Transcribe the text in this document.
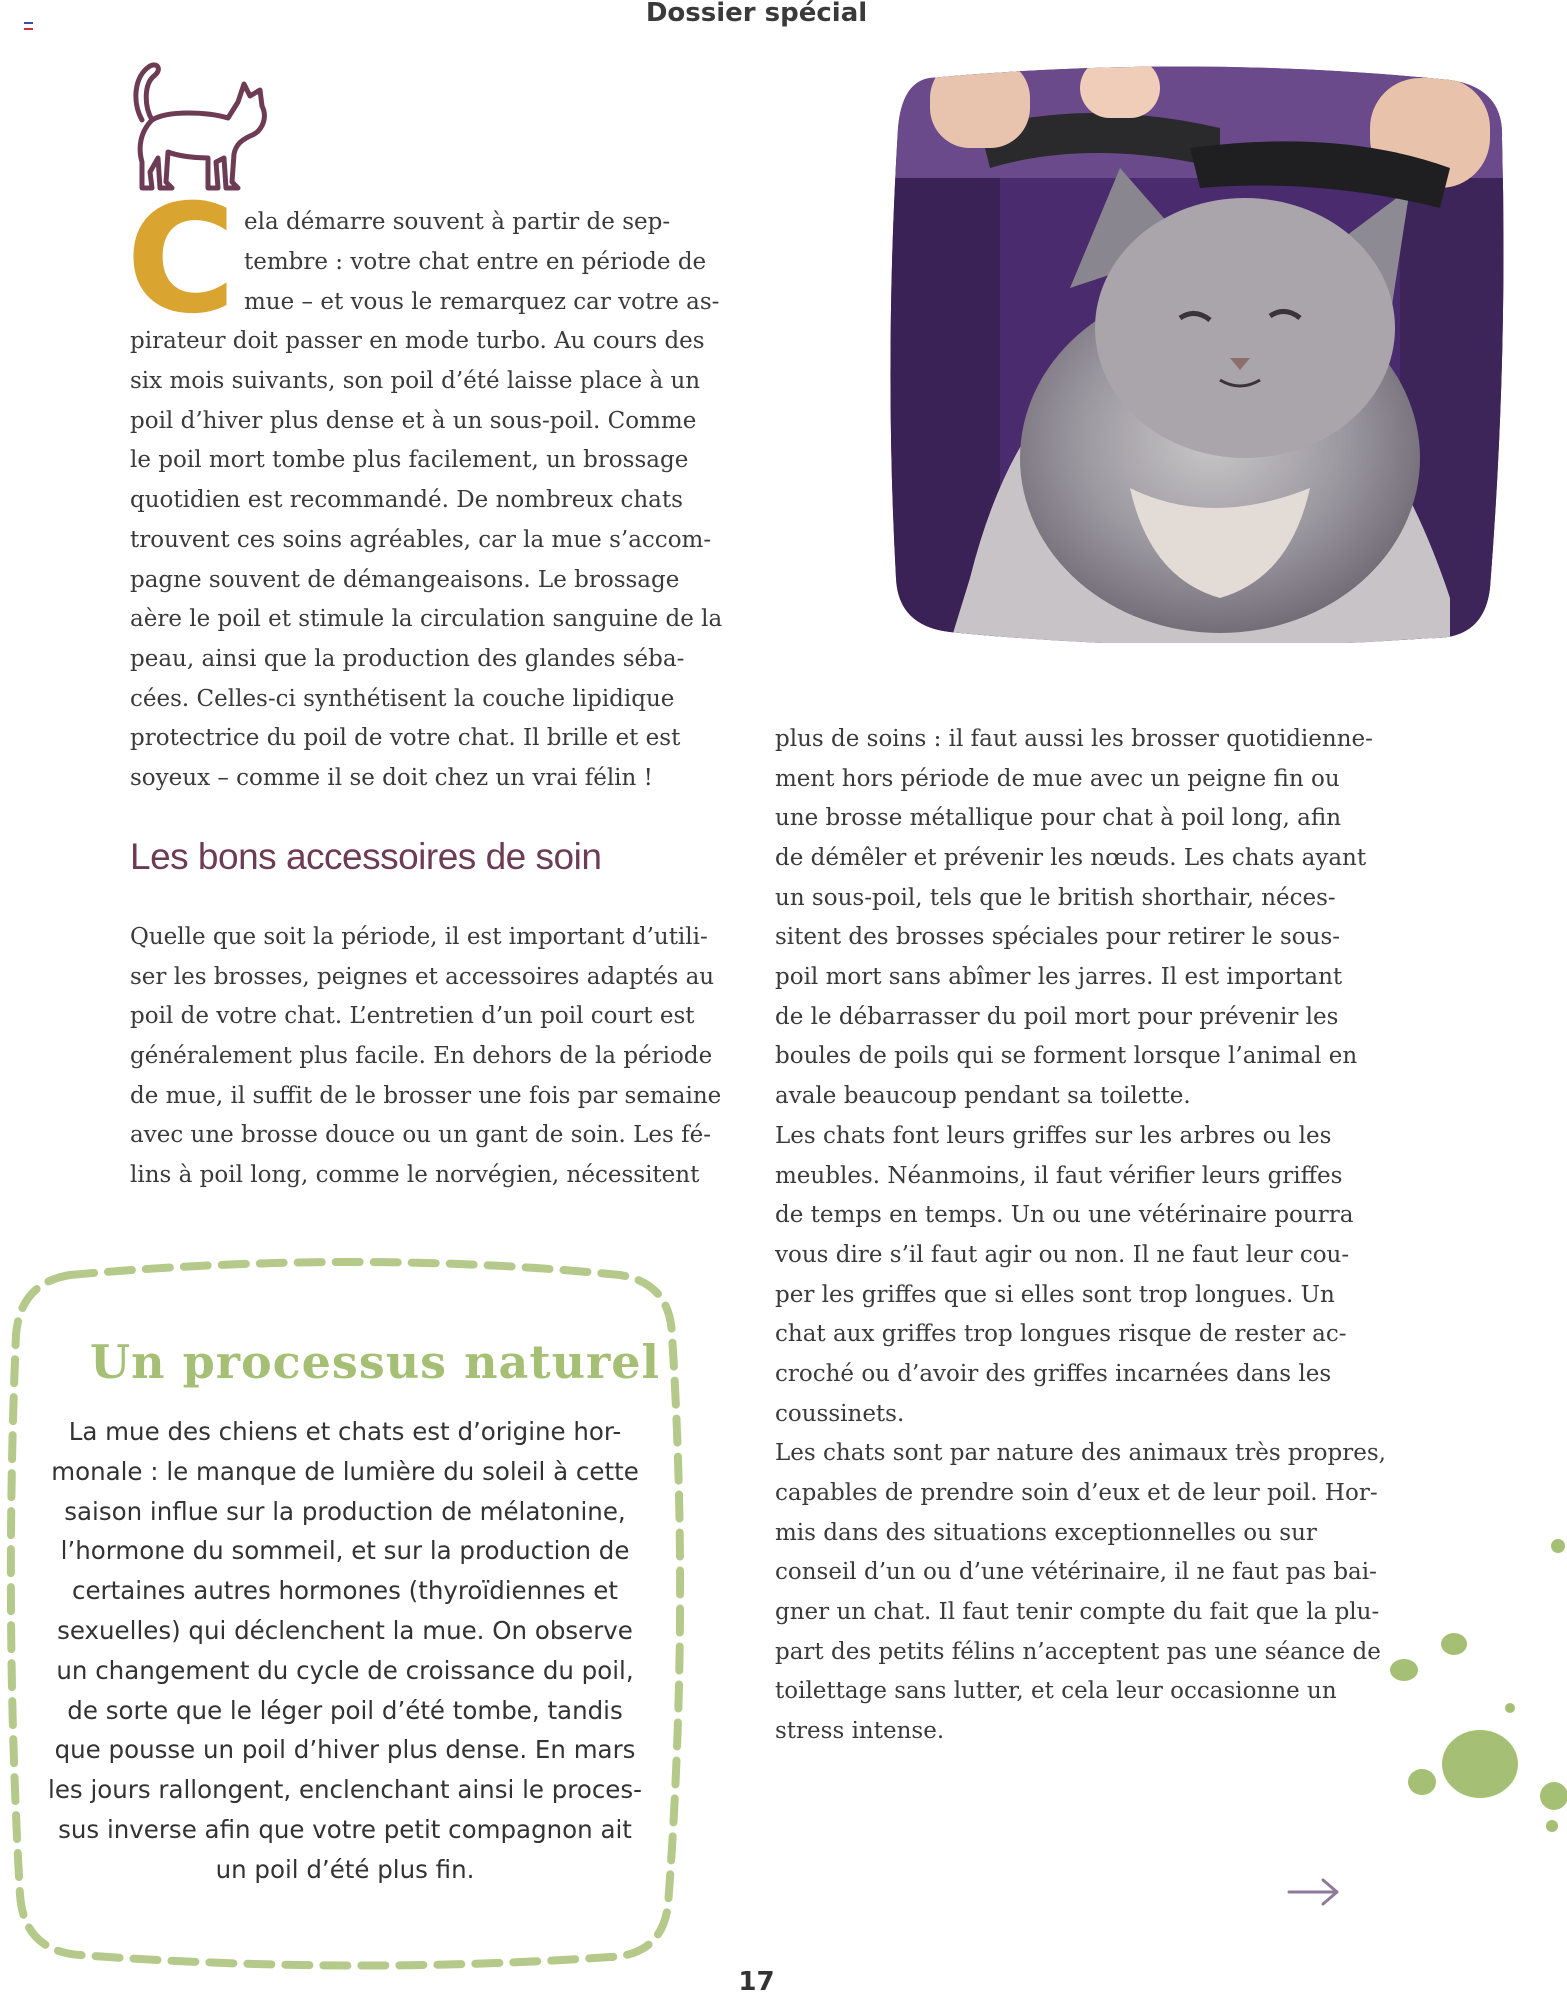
Dossier spécial
C ela démarre souvent à partir de sep-
tembre : votre chat entre en période de
mue – et vous le remarquez car votre as-
pirateur doit passer en mode turbo. Au cours des
six mois suivants, son poil d’été laisse place à un
poil d’hiver plus dense et à un sous-poil. Comme
le poil mort tombe plus facilement, un brossage
quotidien est recommandé. De nombreux chats
trouvent ces soins agréables, car la mue s’accom-
pagne souvent de démangeaisons. Le brossage
aère le poil et stimule la circulation sanguine de la
peau, ainsi que la production des glandes séba-
cées. Celles-ci synthétisent la couche lipidique
protectrice du poil de votre chat. Il brille et est
soyeux – comme il se doit chez un vrai félin !
Les bons accessoires de soin
Quelle que soit la période, il est important d’utili-
ser les brosses, peignes et accessoires adaptés au
poil de votre chat. L’entretien d’un poil court est
généralement plus facile. En dehors de la période
de mue, il suffit de le brosser une fois par semaine
avec une brosse douce ou un gant de soin. Les fé-
lins à poil long, comme le norvégien, nécessitent
plus de soins : il faut aussi les brosser quotidienne-
ment hors période de mue avec un peigne fin ou
une brosse métallique pour chat à poil long, afin
de démêler et prévenir les nœuds. Les chats ayant
un sous-poil, tels que le british shorthair, néces-
sitent des brosses spéciales pour retirer le sous-
poil mort sans abîmer les jarres. Il est important
de le débarrasser du poil mort pour prévenir les
boules de poils qui se forment lorsque l’animal en
avale beaucoup pendant sa toilette.
Les chats font leurs griffes sur les arbres ou les
meubles. Néanmoins, il faut vérifier leurs griffes
de temps en temps. Un ou une vétérinaire pourra
vous dire s’il faut agir ou non. Il ne faut leur cou-
per les griffes que si elles sont trop longues. Un
chat aux griffes trop longues risque de rester ac-
croché ou d’avoir des griffes incarnées dans les
coussinets.
Les chats sont par nature des animaux très propres,
capables de prendre soin d’eux et de leur poil. Hor-
mis dans des situations exceptionnelles ou sur
conseil d’un ou d’une vétérinaire, il ne faut pas bai-
gner un chat. Il faut tenir compte du fait que la plu-
part des petits félins n’acceptent pas une séance de
toilettage sans lutter, et cela leur occasionne un
stress intense.
Un processus naturel

La mue des chiens et chats est d’origine hor-

monale : le manque de lumière du soleil à cette

saison influe sur la production de mélatonine,

l’hormone du sommeil, et sur la production de

certaines autres hormones (thyroïdiennes et

sexuelles) qui déclenchent la mue. On observe

un changement du cycle de croissance du poil,

de sorte que le léger poil d’été tombe, tandis

que pousse un poil d’hiver plus dense. En mars

les jours rallongent, enclenchant ainsi le proces-

sus inverse afin que votre petit compagnon ait

un poil d’été plus fin.

17
